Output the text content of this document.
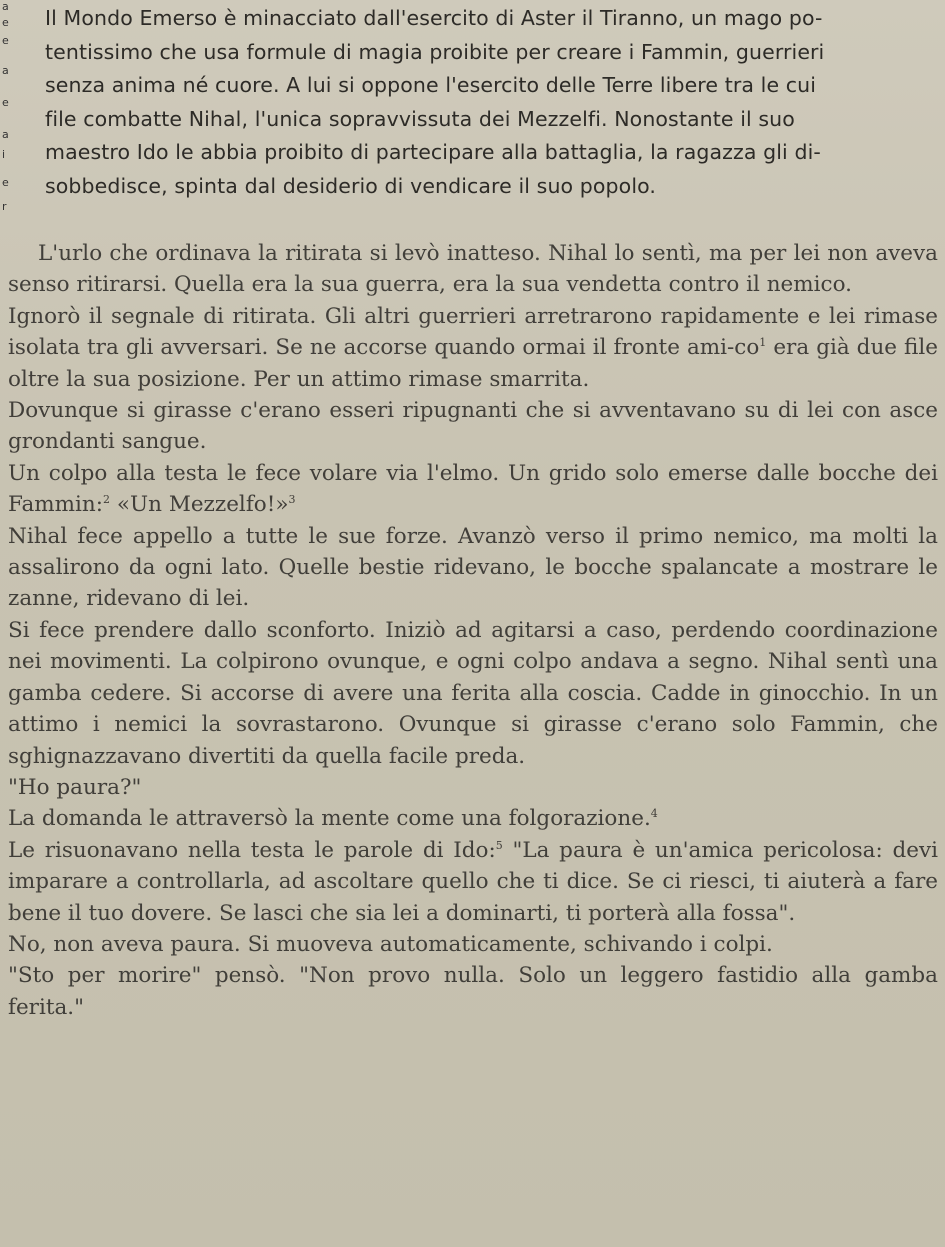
a
e
e
a
e
a
i
e
r

Il Mondo Emerso è minacciato dall'esercito di Aster il Tiranno, un mago po-

tentissimo che usa formule di magia proibite per creare i Fammin, guerrieri

senza anima né cuore. A lui si oppone l'esercito delle Terre libere tra le cui

file combatte Nihal, l'unica sopravvissuta dei Mezzelfi. Nonostante il suo

maestro Ido le abbia proibito di partecipare alla battaglia, la ragazza gli di-

sobbedisce, spinta dal desiderio di vendicare il suo popolo.

L'urlo che ordinava la ritirata si levò inatteso. Nihal lo sentì, ma per lei non aveva senso ritirarsi. Quella era la sua guerra, era la sua vendetta contro il nemico.

Ignorò il segnale di ritirata. Gli altri guerrieri arretrarono rapidamente e lei rimase isolata tra gli avversari. Se ne accorse quando ormai il fronte ami-$co^1$ era già due file oltre la sua posizione. Per un attimo rimase smarrita.

Dovunque si girasse c'erano esseri ripugnanti che si avventavano su di lei con asce grondanti sangue.

Un colpo alla testa le fece volare via l'elmo. Un grido solo emerse dalle bocche dei Fammin:$^2$ «Un Mezzelfo!»$^3$

Nihal fece appello a tutte le sue forze. Avanzò verso il primo nemico, ma molti la assalirono da ogni lato. Quelle bestie ridevano, le bocche spalancate a mostrare le zanne, ridevano di lei.

Si fece prendere dallo sconforto. Iniziò ad agitarsi a caso, perdendo coordinazione nei movimenti. La colpirono ovunque, e ogni colpo andava a segno. Nihal sentì una gamba cedere. Si accorse di avere una ferita alla coscia. Cadde in ginocchio. In un attimo i nemici la sovrastarono. Ovunque si girasse c'erano solo Fammin, che sghignazzavano divertiti da quella facile preda.

"Ho paura?"

La domanda le attraversò la mente come una folgorazione.$^4$

Le risuonavano nella testa le parole di Ido:$^5$ "La paura è un'amica pericolosa: devi imparare a controllarla, ad ascoltare quello che ti dice. Se ci riesci, ti aiuterà a fare bene il tuo dovere. Se lasci che sia lei a dominarti, ti porterà alla fossa".

No, non aveva paura. Si muoveva automaticamente, schivando i colpi.

"Sto per morire" pensò. "Non provo nulla. Solo un leggero fastidio alla gamba ferita."
